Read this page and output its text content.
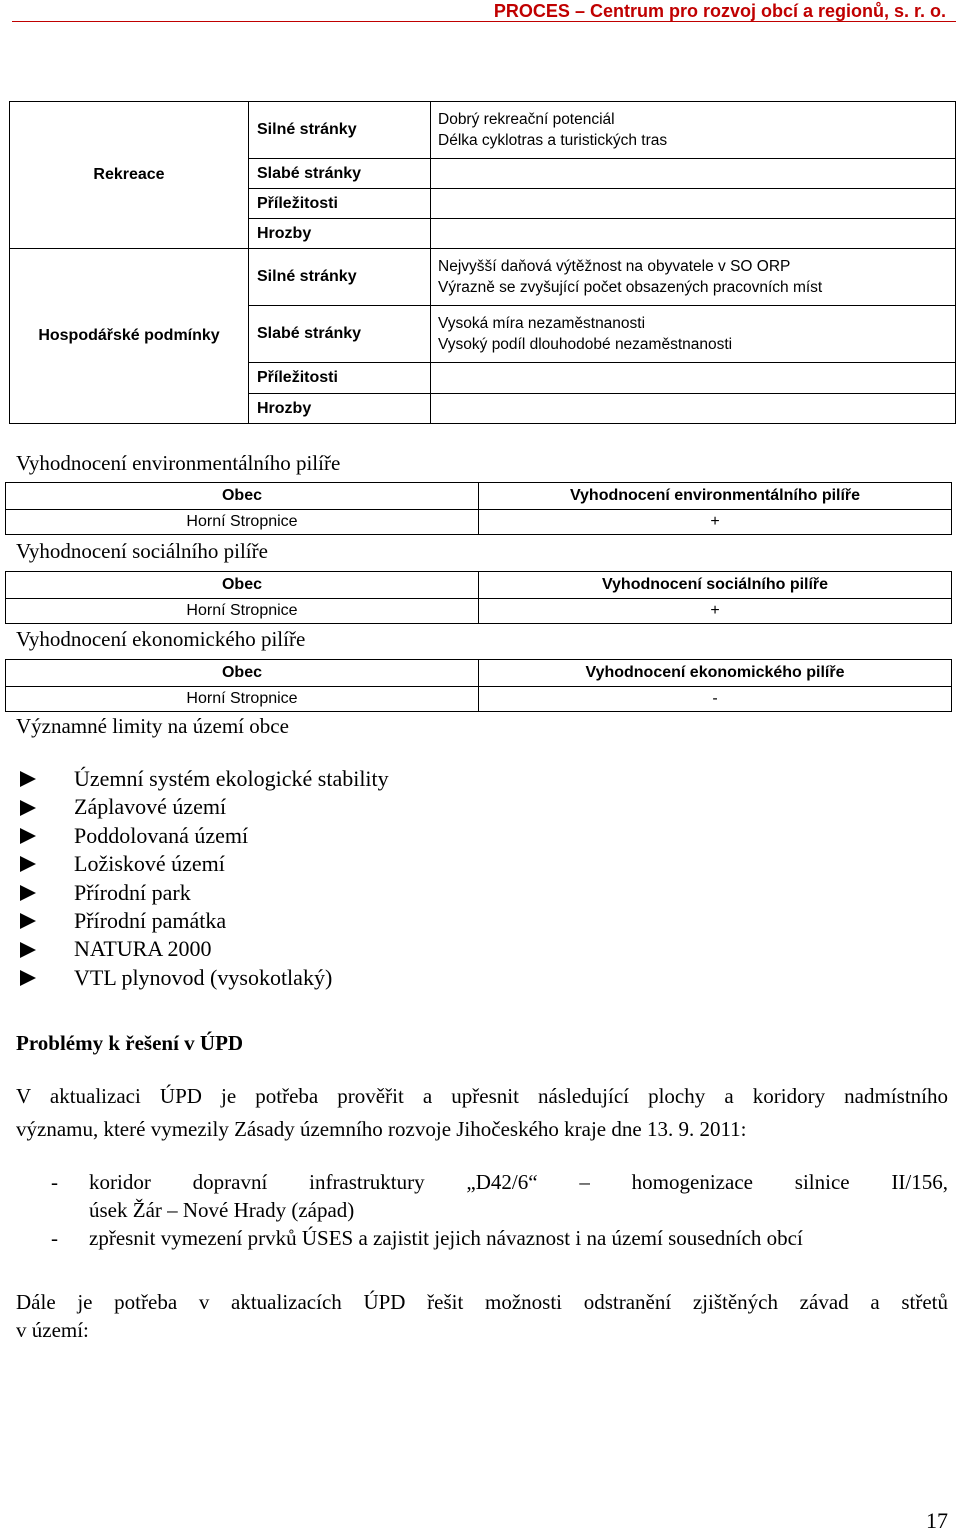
PROCES – Centrum pro rozvoj obcí a regionů, s. r. o.
Rekreace	Silné stránky	Dobrý rekreační potenciál
Délka cyklotras a turistických tras

	Slabé stránky	
	Příležitosti	
	Hrozby	
Hospodářské podmínky	Silné stránky	Nejvyšší daňová výtěžnost na obyvatele v SO ORP
Výrazně se zvyšující počet obsazených pracovních míst

	Slabé stránky	Vysoká míra nezaměstnanosti
Vysoký podíl dlouhodobé nezaměstnanosti

	Příležitosti	
	Hrozby	
Vyhodnocení environmentálního pilíře
Obec	Vyhodnocení environmentálního pilíře
Horní Stropnice	+
Vyhodnocení sociálního pilíře
Obec	Vyhodnocení sociálního pilíře
Horní Stropnice	+
Vyhodnocení ekonomického pilíře
Obec	Vyhodnocení ekonomického pilíře
Horní Stropnice	-
Významné limity na území obce
Územní systém ekologické stability
Záplavové území
Poddolovaná území
Ložiskové území
Přírodní park
Přírodní památka
NATURA 2000
VTL plynovod (vysokotlaký)
Problémy k řešení v ÚPD
V aktualizaci ÚPD je potřeba prověřit a upřesnit následující plochy a koridory nadmístního
významu, které vymezily Zásady územního rozvoje Jihočeského kraje dne 13. 9. 2011:
-	koridor dopravní infrastruktury „D42/6“ – homogenizace silnice II/156,
úsek Žár – Nové Hrady (západ)
-	zpřesnit vymezení prvků ÚSES a zajistit jejich návaznost i na území sousedních obcí
Dále je potřeba v aktualizacích ÚPD řešit možnosti odstranění zjištěných závad a střetů
v území:
17
